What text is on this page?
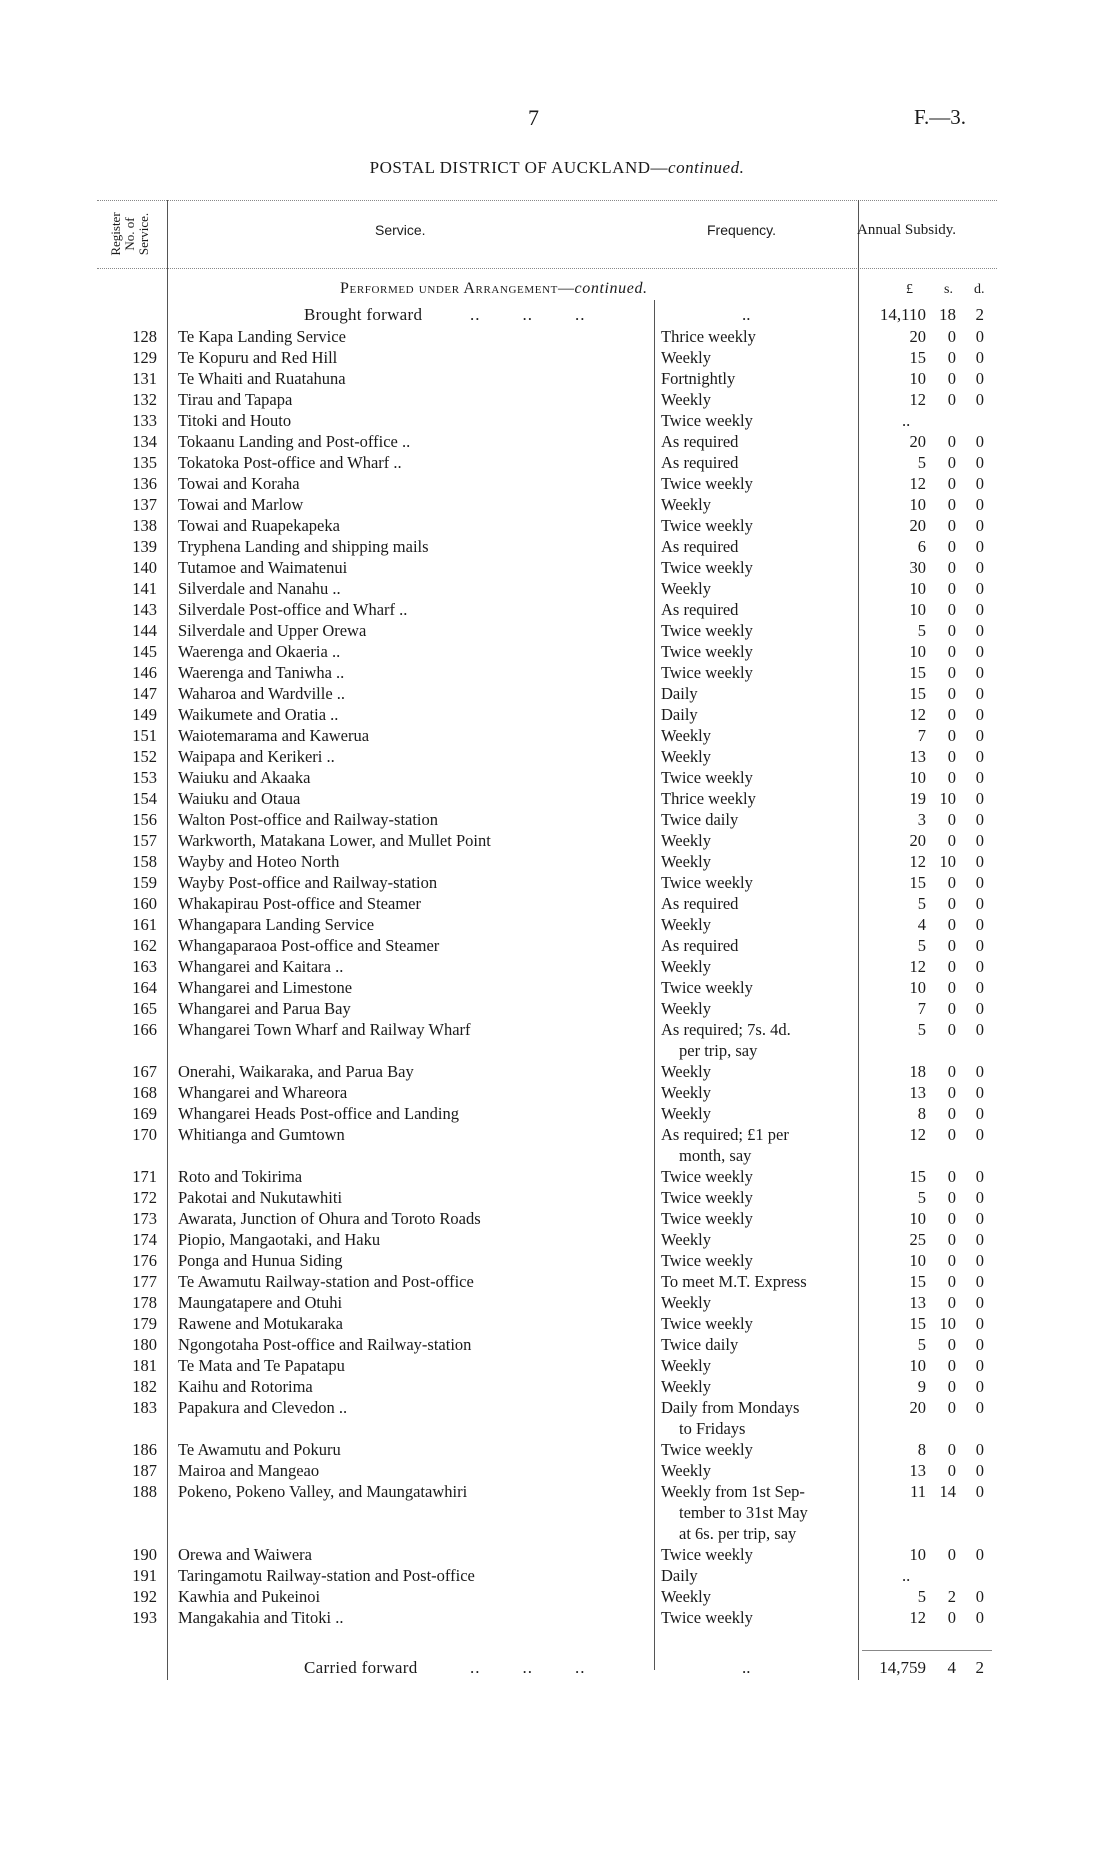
7	F.—3.
POSTAL DISTRICT OF AUCKLAND—continued.
Register
No. of
Service.	Service.	Frequency.	Annual Subsidy.
Performed under Arrangement—continued.	£ s. d.
Brought forward	..        ..        ..	..	14,110 18	2
128 Te Kapa Landing Service	Thrice weekly	20	0	0
129 Te Kopuru and Red Hill	Weekly	15	0	0
131 Te Whaiti and Ruatahuna	Fortnightly	10	0	0
132 Tirau and Tapapa	Weekly	12	0	0
133 Titoki and Houto	Twice weekly	..
134 Tokaanu Landing and Post-office ..	As required	20	0	0
135 Tokatoka Post-office and Wharf ..	As required	5	0	0
136 Towai and Koraha	Twice weekly	12	0	0
137 Towai and Marlow	Weekly	10	0	0
138 Towai and Ruapekapeka	Twice weekly	20	0	0
139 Tryphena Landing and shipping mails	As required	6	0	0
140 Tutamoe and Waimatenui	Twice weekly	30	0	0
141 Silverdale and Nanahu ..	Weekly	10	0	0
143 Silverdale Post-office and Wharf ..	As required	10	0	0
144 Silverdale and Upper Orewa	Twice weekly	5	0	0
145 Waerenga and Okaeria ..	Twice weekly	10	0	0
146 Waerenga and Taniwha ..	Twice weekly	15	0	0
147 Waharoa and Wardville ..	Daily	15	0	0
149 Waikumete and Oratia ..	Daily	12	0	0
151 Waiotemarama and Kawerua	Weekly	7	0	0
152 Waipapa and Kerikeri ..	Weekly	13	0	0
153 Waiuku and Akaaka	Twice weekly	10	0	0
154 Waiuku and Otaua	Thrice weekly	19 10	0
156 Walton Post-office and Railway-station	Twice daily	3	0	0
157 Warkworth, Matakana Lower, and Mullet Point	Weekly	20	0	0
158 Wayby and Hoteo North	Weekly	12 10	0
159 Wayby Post-office and Railway-station	Twice weekly	15	0	0
160 Whakapirau Post-office and Steamer	As required	5	0	0
161 Whangapara Landing Service	Weekly	4	0	0
162 Whangaparaoa Post-office and Steamer	As required	5	0	0
163 Whangarei and Kaitara ..	Weekly	12	0	0
164 Whangarei and Limestone	Twice weekly	10	0	0
165 Whangarei and Parua Bay	Weekly	7	0	0
166 Whangarei Town Wharf and Railway Wharf	As required; 7s. 4d.
per trip, say
5	0	0
167 Onerahi, Waikaraka, and Parua Bay	Weekly	18	0	0
168 Whangarei and Whareora	Weekly	13	0	0
169 Whangarei Heads Post-office and Landing	Weekly	8	0	0
170 Whitianga and Gumtown	As required; £1 per
month, say
12	0	0
171 Roto and Tokirima	Twice weekly	15	0	0
172 Pakotai and Nukutawhiti	Twice weekly	5	0	0
173 Awarata, Junction of Ohura and Toroto Roads	Twice weekly	10	0	0
174 Piopio, Mangaotaki, and Haku	Weekly	25	0	0
176 Ponga and Hunua Siding	Twice weekly	10	0	0
177 Te Awamutu Railway-station and Post-office	To meet M.T. Express	15	0	0
178 Maungatapere and Otuhi	Weekly	13	0	0
179 Rawene and Motukaraka	Twice weekly	15 10	0
180 Ngongotaha Post-office and Railway-station	Twice daily	5	0	0
181 Te Mata and Te Papatapu	Weekly	10	0	0
182 Kaihu and Rotorima	Weekly	9	0	0
183 Papakura and Clevedon ..	Daily from Mondays
to Fridays
20	0	0
186 Te Awamutu and Pokuru	Twice weekly	8	0	0
187 Mairoa and Mangeao	Weekly	13	0	0
188 Pokeno, Pokeno Valley, and Maungatawhiri	Weekly from 1st Sep-
tember to 31st May
at 6s. per trip, say
11 14	0
190 Orewa and Waiwera	Twice weekly	10	0	0
191 Taringamotu Railway-station and Post-office	Daily	..
192 Kawhia and Pukeinoi	Weekly	5	2	0
193 Mangakahia and Titoki ..	Twice weekly	12	0	0
Carried forward	..        ..        ..	..	14,759	4	2
